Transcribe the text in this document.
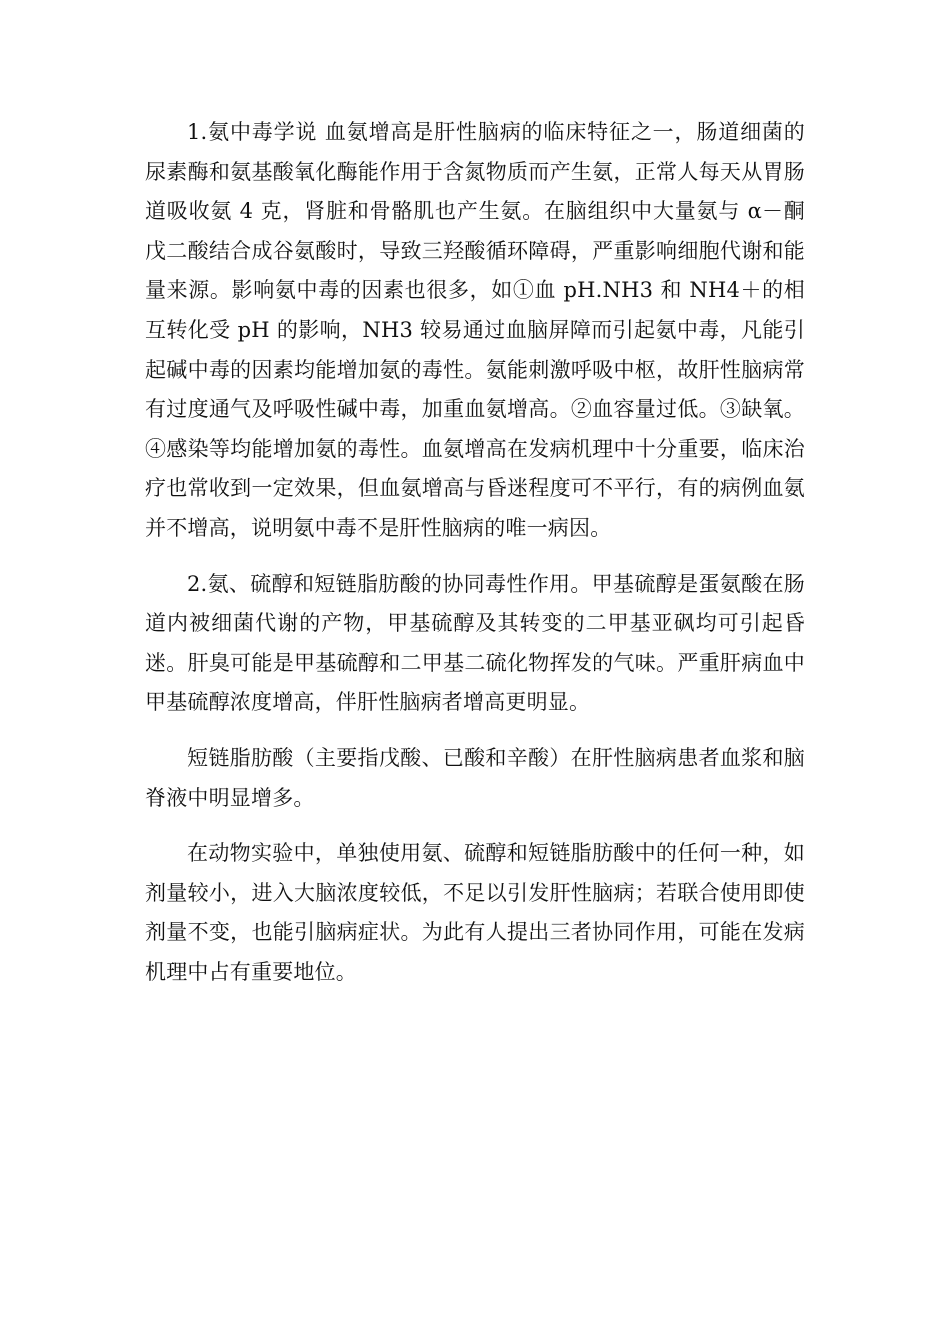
1.氨中毒学说 血氨增高是肝性脑病的临床特征之一，肠道细菌的尿素酶和氨基酸氧化酶能作用于含氮物质而产生氨，正常人每天从胃肠道吸收氨 4 克，肾脏和骨骼肌也产生氨。在脑组织中大量氨与 α－酮戊二酸结合成谷氨酸时，导致三羟酸循环障碍，严重影响细胞代谢和能量来源。影响氨中毒的因素也很多，如①血 pH.NH3 和 NH4＋的相互转化受 pH 的影响，NH3 较易通过血脑屏障而引起氨中毒，凡能引起碱中毒的因素均能增加氨的毒性。氨能刺激呼吸中枢，故肝性脑病常有过度通气及呼吸性碱中毒，加重血氨增高。②血容量过低。③缺氧。④感染等均能增加氨的毒性。血氨增高在发病机理中十分重要，临床治疗也常收到一定效果，但血氨增高与昏迷程度可不平行，有的病例血氨并不增高，说明氨中毒不是肝性脑病的唯一病因。

2.氨、硫醇和短链脂肪酸的协同毒性作用。甲基硫醇是蛋氨酸在肠道内被细菌代谢的产物，甲基硫醇及其转变的二甲基亚砜均可引起昏迷。肝臭可能是甲基硫醇和二甲基二硫化物挥发的气味。严重肝病血中甲基硫醇浓度增高，伴肝性脑病者增高更明显。

短链脂肪酸（主要指戊酸、已酸和辛酸）在肝性脑病患者血浆和脑脊液中明显增多。

在动物实验中，单独使用氨、硫醇和短链脂肪酸中的任何一种，如剂量较小，进入大脑浓度较低，不足以引发肝性脑病；若联合使用即使剂量不变，也能引脑病症状。为此有人提出三者协同作用，可能在发病机理中占有重要地位。
